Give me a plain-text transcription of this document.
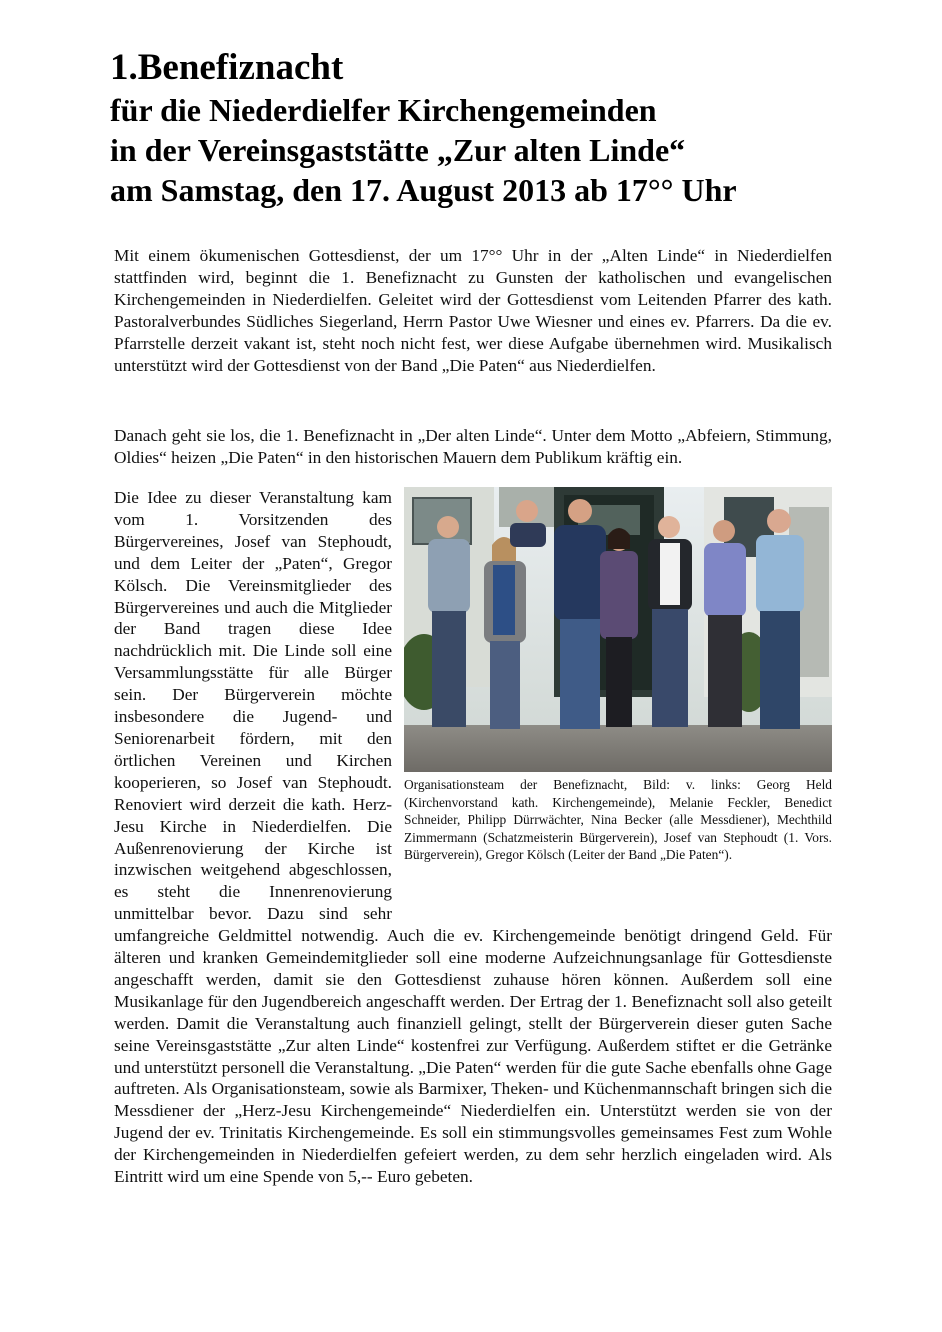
1.Benefiznacht
für die Niederdielfer Kirchengemeinden
in der Vereinsgaststätte „Zur alten Linde“
am Samstag, den 17. August 2013 ab 17°° Uhr

Mit einem ökumenischen Gottesdienst, der um 17°° Uhr in der „Alten Linde“ in Niederdielfen stattfinden wird, beginnt die 1. Benefiznacht zu Gunsten der katholischen und evangelischen Kirchengemeinden in Niederdielfen. Geleitet wird der Gottesdienst vom Leitenden Pfarrer des kath. Pastoralverbundes Südliches Siegerland, Herrn Pastor Uwe Wiesner und eines ev. Pfarrers. Da die ev. Pfarrstelle derzeit vakant ist, steht noch nicht fest, wer diese Aufgabe übernehmen wird. Musikalisch unterstützt wird der Gottesdienst von der Band „Die Paten“ aus Niederdielfen.

Danach geht sie los, die 1. Benefiznacht in „Der alten Linde“. Unter dem Motto „Abfeiern, Stimmung, Oldies“ heizen „Die Paten“ in den historischen Mauern dem Publikum kräftig ein.

Organisationsteam der Benefiznacht, Bild: v. links: Georg Held (Kirchenvorstand kath. Kirchengemeinde), Melanie Feckler, Benedict Schneider, Philipp Dürrwächter, Nina Becker (alle Messdiener), Mechthild Zimmermann (Schatzmeisterin Bürgerverein), Josef van Stephoudt (1. Vors. Bürgerverein), Gregor Kölsch (Leiter der Band „Die Paten“).
Die Idee zu dieser Veranstaltung kam vom 1. Vorsitzenden des Bürgervereines, Josef van Stephoudt, und dem Leiter der „Paten“, Gregor Kölsch. Die Vereinsmitglieder des Bürgervereines und auch die Mitglieder der Band tragen diese Idee nachdrücklich mit. Die Linde soll eine Versammlungsstätte für alle Bürger sein. Der Bürgerverein möchte insbesondere die Jugend- und Seniorenarbeit fördern, mit den örtlichen Vereinen und Kirchen kooperieren, so Josef van Stephoudt. Renoviert wird derzeit die kath. Herz-Jesu Kirche in Niederdielfen. Die Außenrenovierung der Kirche ist inzwischen weitgehend abgeschlossen, es steht die Innenrenovierung unmittelbar bevor. Dazu sind sehr umfangreiche Geldmittel notwendig. Auch die ev. Kirchengemeinde benötigt dringend Geld. Für älteren und kranken Gemeindemitglieder soll eine moderne Aufzeichnungsanlage für Gottesdienste angeschafft werden, damit sie den Gottesdienst zuhause hören können. Außerdem soll eine Musikanlage für den Jugendbereich angeschafft werden. Der Ertrag der 1. Benefiznacht soll also geteilt werden. Damit die Veranstaltung auch finanziell gelingt, stellt der Bürgerverein dieser guten Sache seine Vereinsgaststätte „Zur alten Linde“ kostenfrei zur Verfügung. Außerdem stiftet er die Getränke und unterstützt personell die Veranstaltung. „Die Paten“ werden für die gute Sache ebenfalls ohne Gage auftreten. Als Organisationsteam, sowie als Barmixer, Theken- und Küchenmannschaft bringen sich die Messdiener der „Herz-Jesu Kirchengemeinde“ Niederdielfen ein. Unterstützt werden sie von der Jugend der ev. Trinitatis Kirchengemeinde. Es soll ein stimmungsvolles gemeinsames Fest zum Wohle der Kirchengemeinden in Niederdielfen gefeiert werden, zu dem sehr herzlich eingeladen wird. Als Eintritt wird um eine Spende von 5,-- Euro gebeten.
